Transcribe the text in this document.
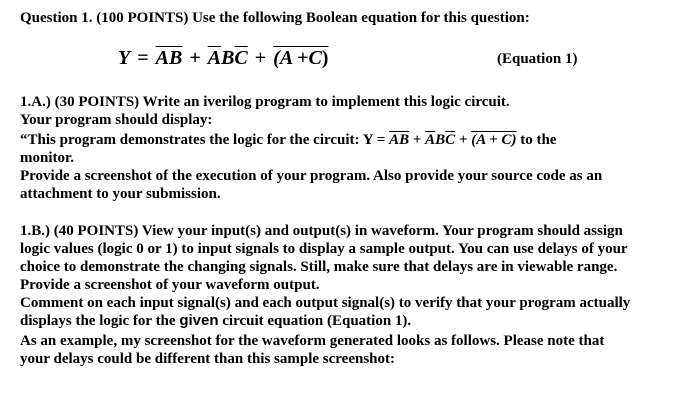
Question 1. (100 POINTS) Use the following Boolean equation for this question:
$Y = \overline{AB} + \overline{A}B\overline{C} + (A +C)$	(Equation 1)
1.A.) (30 POINTS) Write an iverilog program to implement this logic circuit.
Your program should display:
“This program demonstrates the logic for the circuit: $Y = \overline{AB} + \overline{A}B\overline{C} + (A + C)$ to the
monitor.
Provide a screenshot of the execution of your program. Also provide your source code as an
attachment to your submission.
1.B.) (40 POINTS) View your input(s) and output(s) in waveform. Your program should assign
logic values (logic 0 or 1) to input signals to display a sample output. You can use delays of your
choice to demonstrate the changing signals. Still, make sure that delays are in viewable range.
Provide a screenshot of your waveform output.
Comment on each input signal(s) and each output signal(s) to verify that your program actually
displays the logic for the given circuit equation (Equation 1).
As an example, my screenshot for the waveform generated looks as follows. Please note that
your delays could be different than this sample screenshot:
